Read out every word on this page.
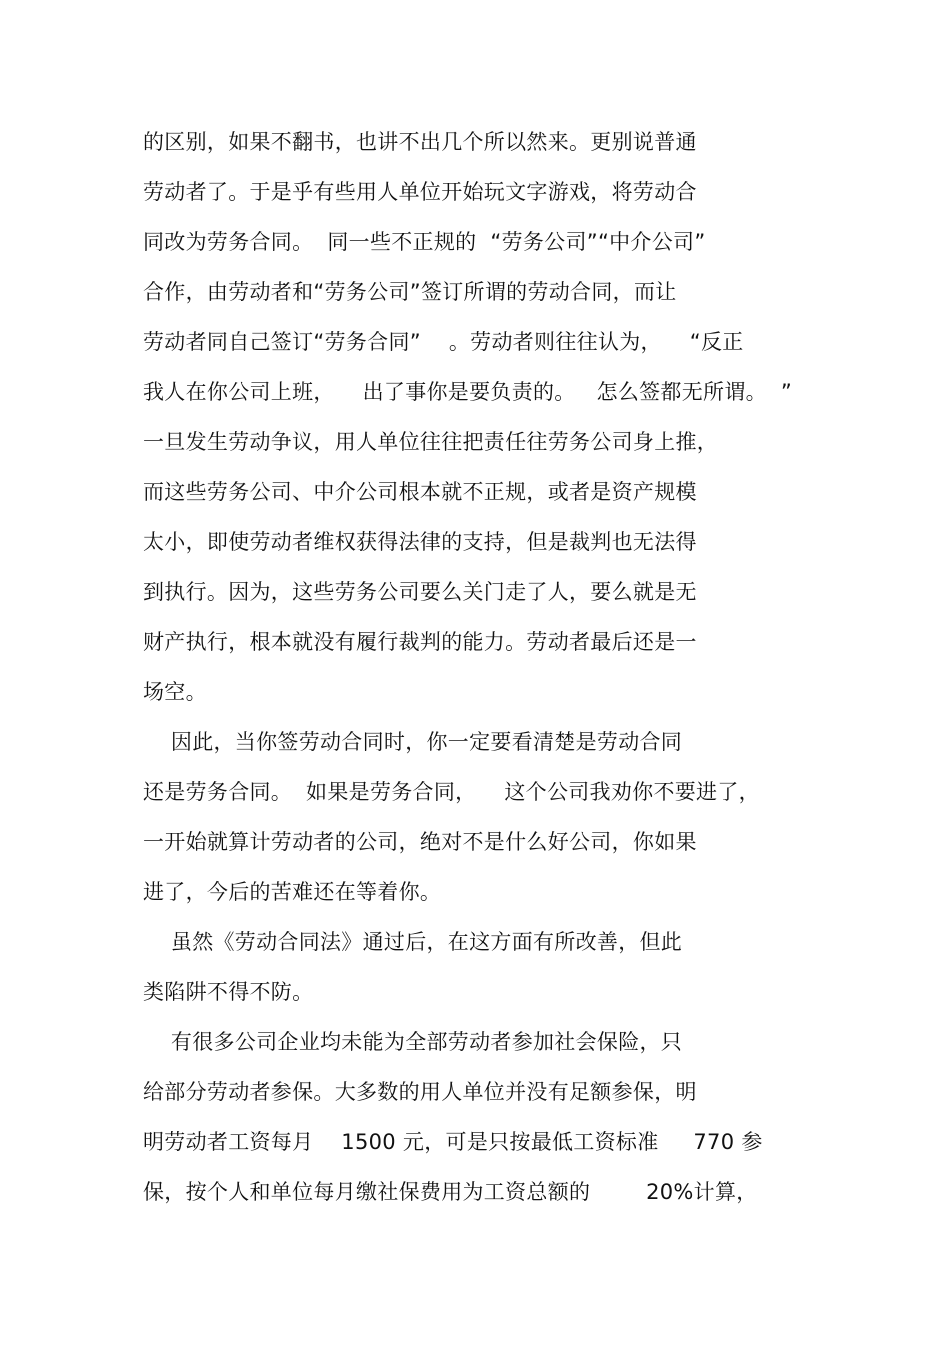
的区别，如果不翻书，也讲不出几个所以然来。更别说普通
劳动者了。于是乎有些用人单位开始玩文字游戏，将劳动合
同改为劳务合同。  同一些不正规的  “劳务公司”“中介公司”
合作，由劳动者和“劳务公司”签订所谓的劳动合同，而让
劳动者同自己签订“劳务合同”    。劳动者则往往认为，    “反正
我人在你公司上班，    出了事你是要负责的。   怎么签都无所谓。  ”
一旦发生劳动争议，用人单位往往把责任往劳务公司身上推，
而这些劳务公司、中介公司根本就不正规，或者是资产规模
太小，即使劳动者维权获得法律的支持，但是裁判也无法得
到执行。因为，这些劳务公司要么关门走了人，要么就是无
财产执行，根本就没有履行裁判的能力。劳动者最后还是一
场空。
因此，当你签劳动合同时，你一定要看清楚是劳动合同
还是劳务合同。  如果是劳务合同，    这个公司我劝你不要进了，
一开始就算计劳动者的公司，绝对不是什么好公司，你如果
进了，今后的苦难还在等着你。
虽然《劳动合同法》通过后，在这方面有所改善，但此
类陷阱不得不防。
有很多公司企业均未能为全部劳动者参加社会保险，只
给部分劳动者参保。大多数的用人单位并没有足额参保，明
明劳动者工资每月    1500 元，可是只按最低工资标准     770 参
保，按个人和单位每月缴社保费用为工资总额的        20%计算，
